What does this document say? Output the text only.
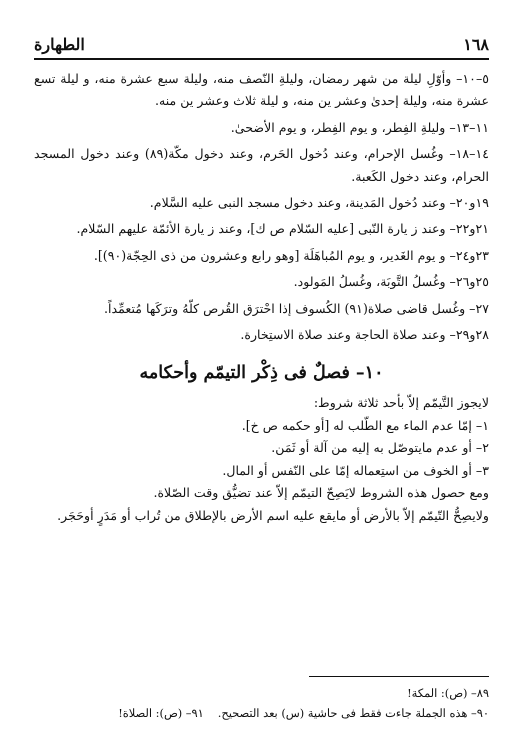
١٦٨
الطهارة

٥–١٠– وأوّلِ ليلة من شهر رمضان، وليلةِ النّصف منه، وليلة سبع عشرة منه، و ليلة تسع عشرة منه، وليلة إحدىٰ وعشر ين منه، و ليلة ثلاث وعشر ين منه.

١١–١٣– وليلةِ الفِطر، و يوم الفِطر، و يوم الأضحىٰ.

١٤–١٨– وغُسل الإحرام، وعند دُخول الحَرم، وعند دخول مكّة(٨٩) وعند دخول المسجد الحرام، وعند دخول الكَعبة.

١٩و٢٠– وعند دُخول المَدينة، وعند دخول مسجد النبى عليه السَّلام.

٢١و٢٢– وعند ز يارة النّبى [عليه السّلام ص ك]، وعند ز يارة الأئمّة عليهم السّلام.

٢٣و٢٤– و يوم الغَدير، و يوم المُباهَلَة [وهو رابع وعشرون من ذى الحِجّة(٩٠)].

٢٥و٢٦– وغُسلُ التَّوبَة، وغُسلُ المَولود.

٢٧– وغُسل قاضى صلاة(٩١) الكُسوف إذا احْترَق القُرص كلّهُ وترَكَها مُتعمِّداً.

٢٨و٢٩– وعند صلاة الحاجة وعند صلاة الاستِخارة.

١٠– فصلٌ فى ذِكْر التيمّم وأحكامه

لايجوز التَّيمّم إلاّ بأحد ثلاثة شروط:

١– إمّا عدم الماء مع الطّلب له [أو حكمه ص خ].

٢– أو عدم مايتوصّل به إليه من آلة أو ثَمَن.

٣– أو الخوف من استِعماله إمّا على النّفس أو المال.

ومع حصول هذه الشروط لايَصِحّ التيمّم إلاّ عند تضيُّق وقت الصّلاة.

ولايصِحُّ التّيمّم إلاّ بالأرض أو مايقع عليه اسم الأرض بالإطلاق من تُراب أو مَدَرٍ أوحَجَر.

٨٩– (ص): المكة!

٩٠– هذه الجملة جاءت فقط فى حاشية (س) بعد التصحيح.٩١– (ص): الصلاة!
